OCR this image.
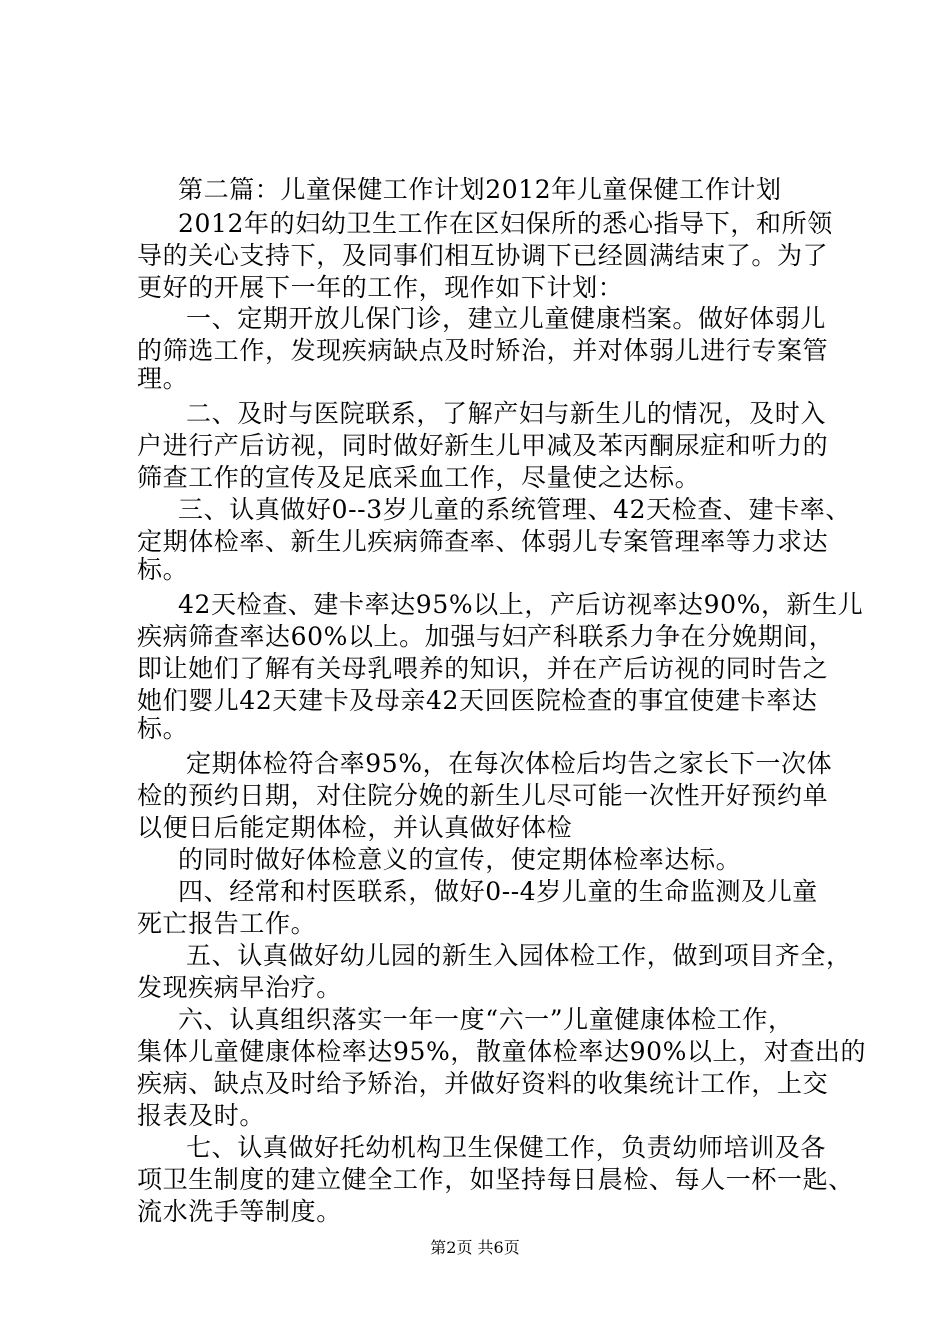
第二篇：儿童保健工作计划2012年儿童保健工作计划
2012年的妇幼卫生工作在区妇保所的悉心指导下，和所领
导的关心支持下，及同事们相互协调下已经圆满结束了。为了
更好的开展下一年的工作，现作如下计划：
一、定期开放儿保门诊，建立儿童健康档案。做好体弱儿
的筛选工作，发现疾病缺点及时矫治，并对体弱儿进行专案管
理。
二、及时与医院联系，了解产妇与新生儿的情况，及时入
户进行产后访视，同时做好新生儿甲减及苯丙酮尿症和听力的
筛查工作的宣传及足底采血工作，尽量使之达标。
三、认真做好0--3岁儿童的系统管理、42天检查、建卡率、
定期体检率、新生儿疾病筛查率、体弱儿专案管理率等力求达
标。
42天检查、建卡率达95%以上，产后访视率达90%，新生儿
疾病筛查率达60%以上。加强与妇产科联系力争在分娩期间，
即让她们了解有关母乳喂养的知识，并在产后访视的同时告之
她们婴儿42天建卡及母亲42天回医院检查的事宜使建卡率达
标。
定期体检符合率95%，在每次体检后均告之家长下一次体
检的预约日期，对住院分娩的新生儿尽可能一次性开好预约单
以便日后能定期体检，并认真做好体检
的同时做好体检意义的宣传，使定期体检率达标。
四、经常和村医联系，做好0--4岁儿童的生命监测及儿童
死亡报告工作。
五、认真做好幼儿园的新生入园体检工作，做到项目齐全，
发现疾病早治疗。
六、认真组织落实一年一度“六一”儿童健康体检工作，
集体儿童健康体检率达95%，散童体检率达90%以上，对查出的
疾病、缺点及时给予矫治，并做好资料的收集统计工作，上交
报表及时。
七、认真做好托幼机构卫生保健工作，负责幼师培训及各
项卫生制度的建立健全工作，如坚持每日晨检、每人一杯一匙、
流水洗手等制度。
第2页 共6页
